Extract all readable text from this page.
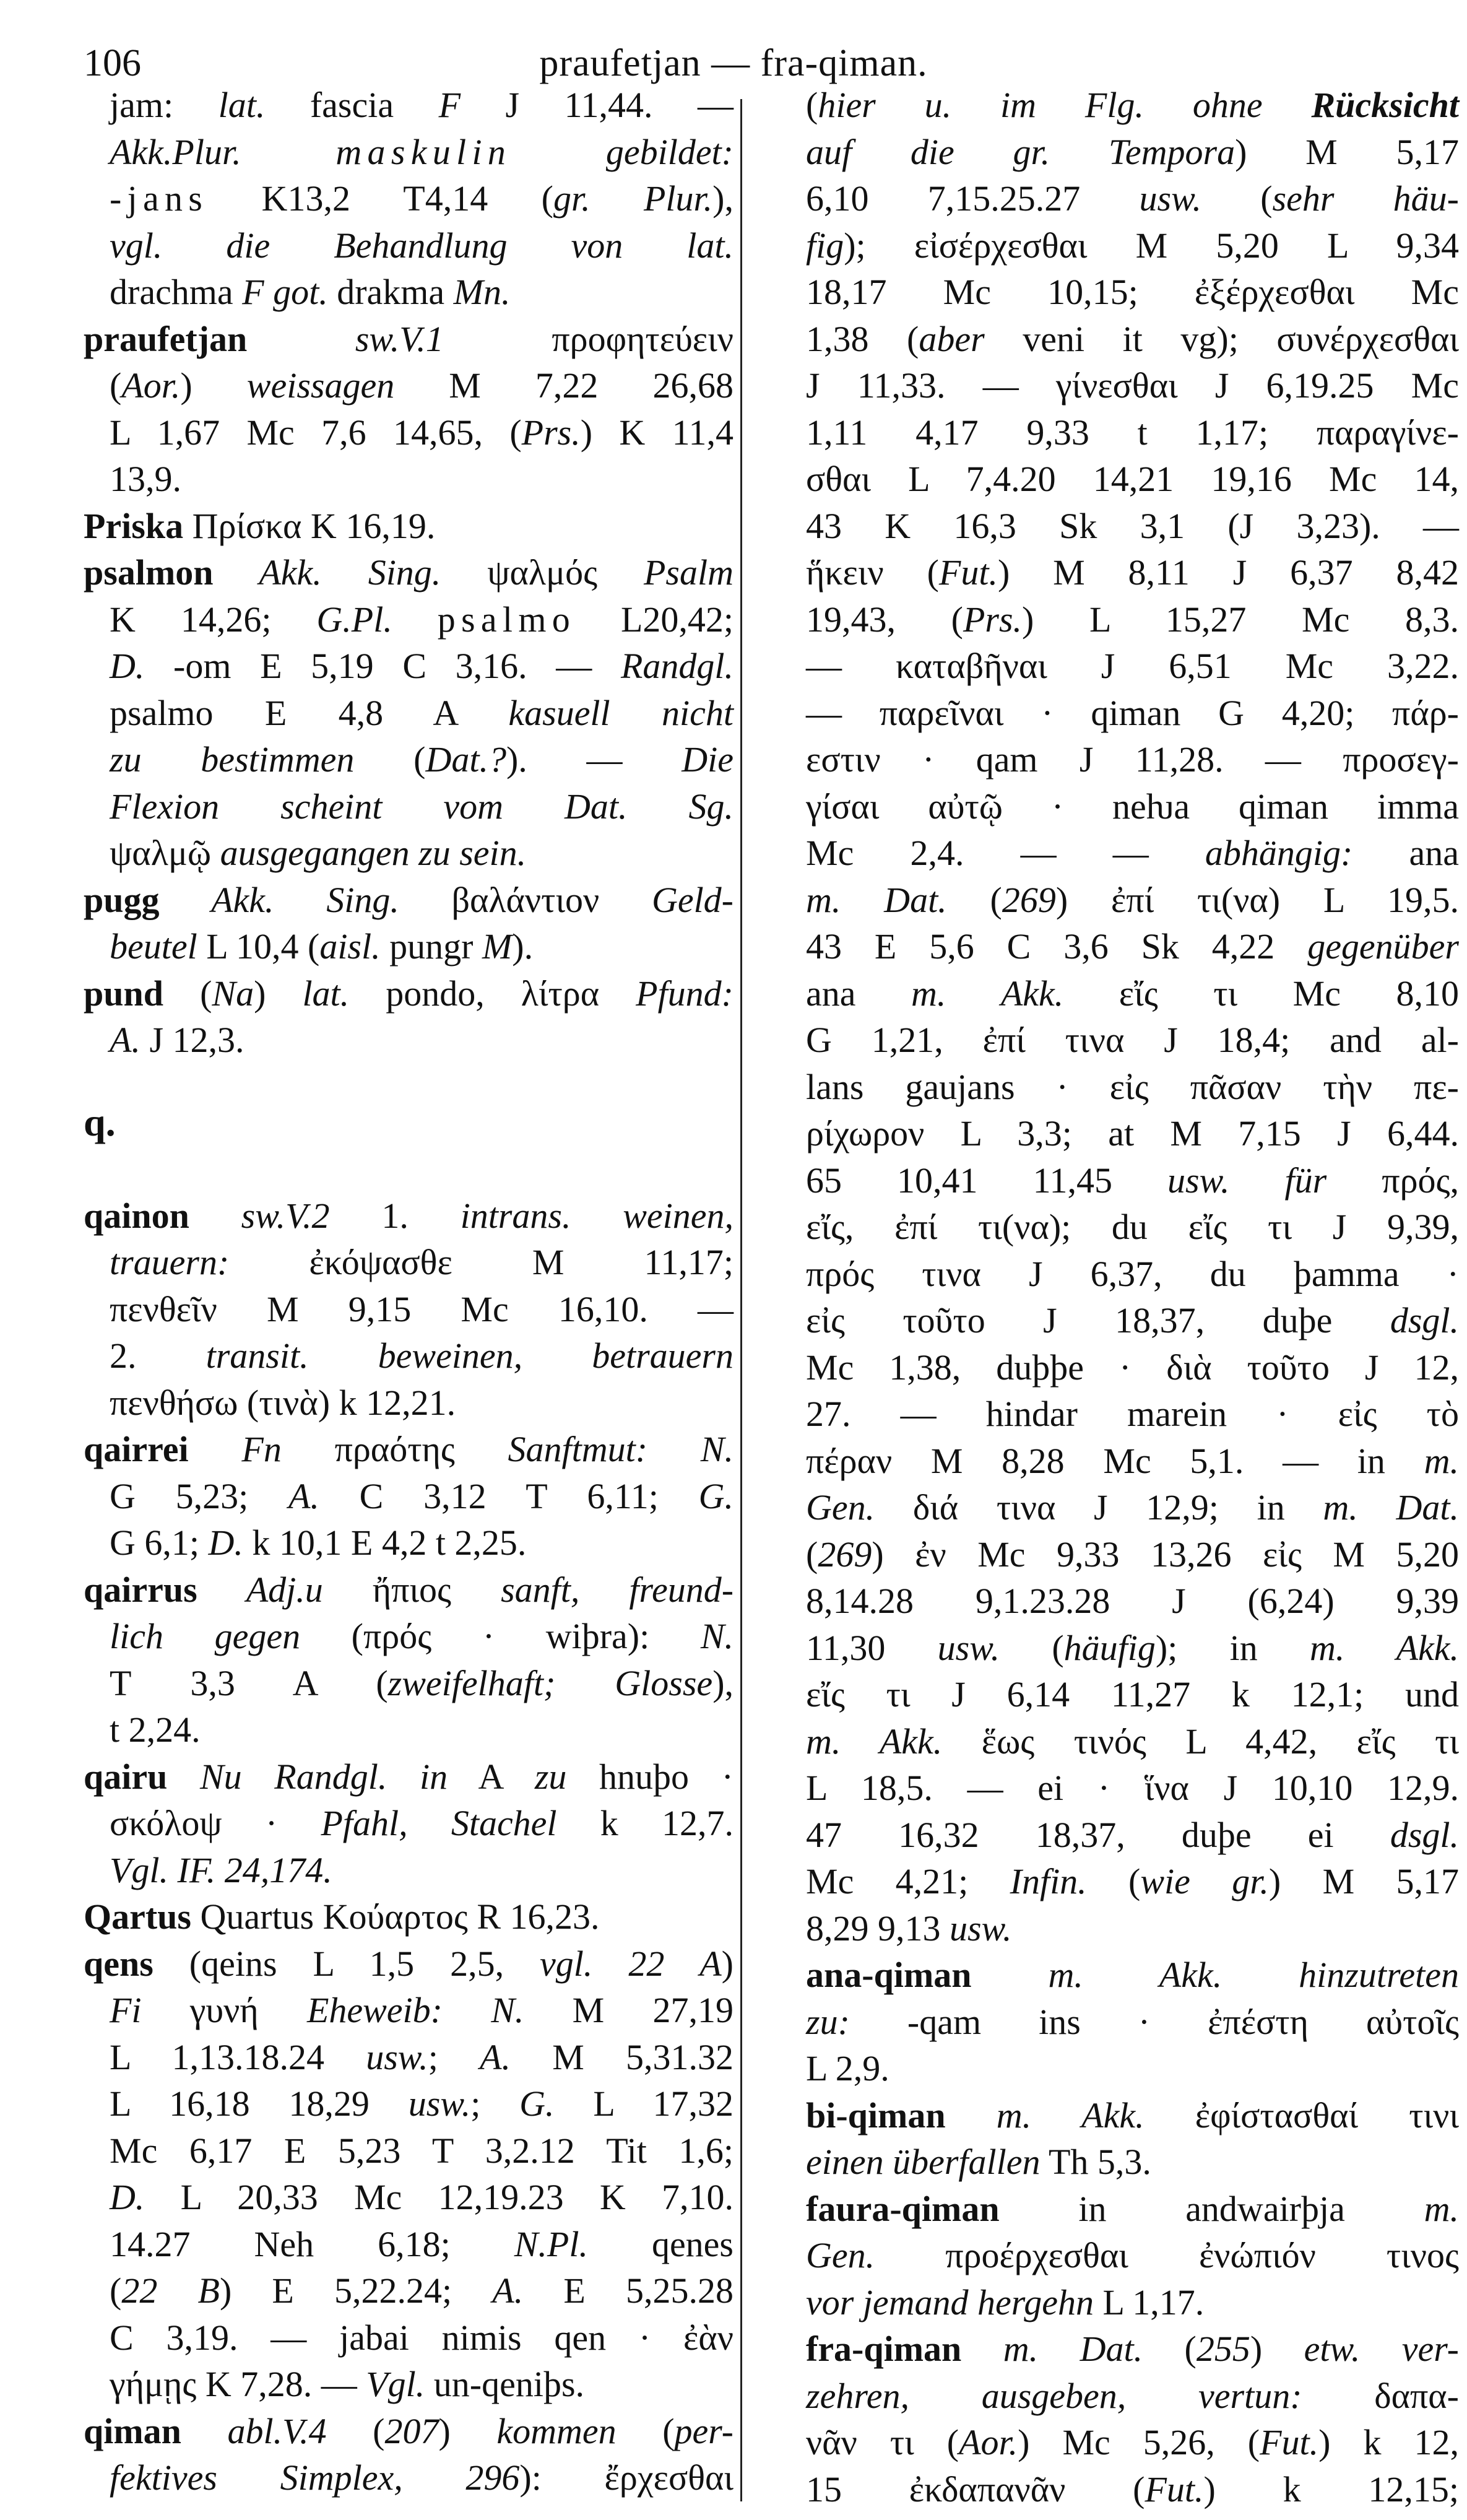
106	praufetjan — fra-qiman.
jam: lat. fascia F J 11,44. —
Akk.Plur. maskulin gebildet:
-jans K13,2 T4,14 (gr. Plur.),
vgl. die Behandlung von lat.
drachma F got. drakma Mn.
praufetjan sw.V.1 προφητεύειν
(Aor.) weissagen M 7,22 26,68
L 1,67 Mc 7,6 14,65, (Prs.) K 11,4
13,9.
Priska Πρίσκα K 16,19.
psalmon Akk. Sing. ψαλμός Psalm
K 14,26; G.Pl. psalmo L20,42;
D. -om E 5,19 C 3,16. — Randgl.
psalmo E 4,8 A kasuell nicht
zu bestimmen (Dat.?). — Die
Flexion scheint vom Dat. Sg.
ψαλμῷ ausgegangen zu sein.
pugg Akk. Sing. βαλάντιον Geld-
beutel L 10,4 (aisl. pungr M).
pund (Na) lat. pondo, λίτρα Pfund:
A. J 12,3.
q.
qainon sw.V.2 1. intrans. weinen,
trauern: ἐκόψασθε M 11,17;
πενθεῖν M 9,15 Mc 16,10. —
2. transit. beweinen, betrauern
πενθήσω (τινὰ) k 12,21.
qairrei Fn πραότης Sanftmut: N.
G 5,23; A. C 3,12 T 6,11; G.
G 6,1; D. k 10,1 E 4,2 t 2,25.
qairrus Adj.u ἤπιος sanft, freund-
lich gegen (πρός · wiþra): N.
T 3,3 A (zweifelhaft; Glosse),
t 2,24.
qairu Nu Randgl. in A zu hnuþo ·
σκόλοψ · Pfahl, Stachel k 12,7.
Vgl. IF. 24,174.
Qartus Quartus Κούαρτος R 16,23.
qens (qeins L 1,5 2,5, vgl. 22 A)
Fi γυνή Eheweib: N. M 27,19
L 1,13.18.24 usw.; A. M 5,31.32
L 16,18 18,29 usw.; G. L 17,32
Mc 6,17 E 5,23 T 3,2.12 Tit 1,6;
D. L 20,33 Mc 12,19.23 K 7,10.
14.27 Neh 6,18; N.Pl. qenes
(22 B) E 5,22.24; A. E 5,25.28
C 3,19. — jabai nimis qen · ἐὰν
γήμῃς K 7,28. — Vgl. un-qeniþs.
qiman abl.V.4 (207) kommen (per-
fektives Simplex, 296): ἔρχεσθαι
(hier u. im Flg. ohne Rücksicht
auf die gr. Tempora) M 5,17
6,10 7,15.25.27 usw. (sehr häu-
fig); εἰσέρχεσθαι M 5,20 L 9,34
18,17 Mc 10,15; ἐξέρχεσθαι Mc
1,38 (aber veni it vg); συνέρχεσθαι
J 11,33. — γίνεσθαι J 6,19.25 Mc
1,11 4,17 9,33 t 1,17; παραγίνε-
σθαι L 7,4.20 14,21 19,16 Mc 14,
43 K 16,3 Sk 3,1 (J 3,23). —
ἥκειν (Fut.) M 8,11 J 6,37 8,42
19,43, (Prs.) L 15,27 Mc 8,3.
— καταβῆναι J 6,51 Mc 3,22.
— παρεῖναι · qiman G 4,20; πάρ-
εστιν · qam J 11,28. — προσεγ-
γίσαι αὐτῷ · neƕa qiman imma
Mc 2,4. — — abhängig: ana
m. Dat. (269) ἐπί τι(να) L 19,5.
43 E 5,6 C 3,6 Sk 4,22 gegenüber
ana m. Akk. εἴς τι Mc 8,10
G 1,21, ἐπί τινα J 18,4; and al-
lans gaujans · εἰς πᾶσαν τὴν πε-
ρίχωρον L 3,3; at M 7,15 J 6,44.
65 10,41 11,45 usw. für πρός,
εἴς, ἐπί τι(να); du εἴς τι J 9,39,
πρός τινα J 6,37, du þamma ·
εἰς τοῦτο J 18,37, duþe dsgl.
Mc 1,38, duþþe · διὰ τοῦτο J 12,
27. — hindar marein · εἰς τὸ
πέραν M 8,28 Mc 5,1. — in m.
Gen. διά τινα J 12,9; in m. Dat.
(269) ἐν Mc 9,33 13,26 εἰς M 5,20
8,14.28 9,1.23.28 J (6,24) 9,39
11,30 usw. (häufig); in m. Akk.
εἴς τι J 6,14 11,27 k 12,1; und
m. Akk. ἕως τινός L 4,42, εἴς τι
L 18,5. — ei · ἵνα J 10,10 12,9.
47 16,32 18,37, duþe ei dsgl.
Mc 4,21; Infin. (wie gr.) M 5,17
8,29 9,13 usw.
ana-qiman m. Akk. hinzutreten
zu: -qam ins · ἐπέστη αὐτοῖς
L 2,9.
bi-qiman m. Akk. ἐφίστασθαί τινι
einen überfallen Th 5,3.
faura-qiman in andwairþja m.
Gen. προέρχεσθαι ἐνώπιόν τινος
vor jemand hergehn L 1,17.
fra-qiman m. Dat. (255) etw. ver-
zehren, ausgeben, vertun: δαπα-
νᾶν τι (Aor.) Mc 5,26, (Fut.) k 12,
15 ἐκδαπανᾶν (Fut.) k 12,15;
